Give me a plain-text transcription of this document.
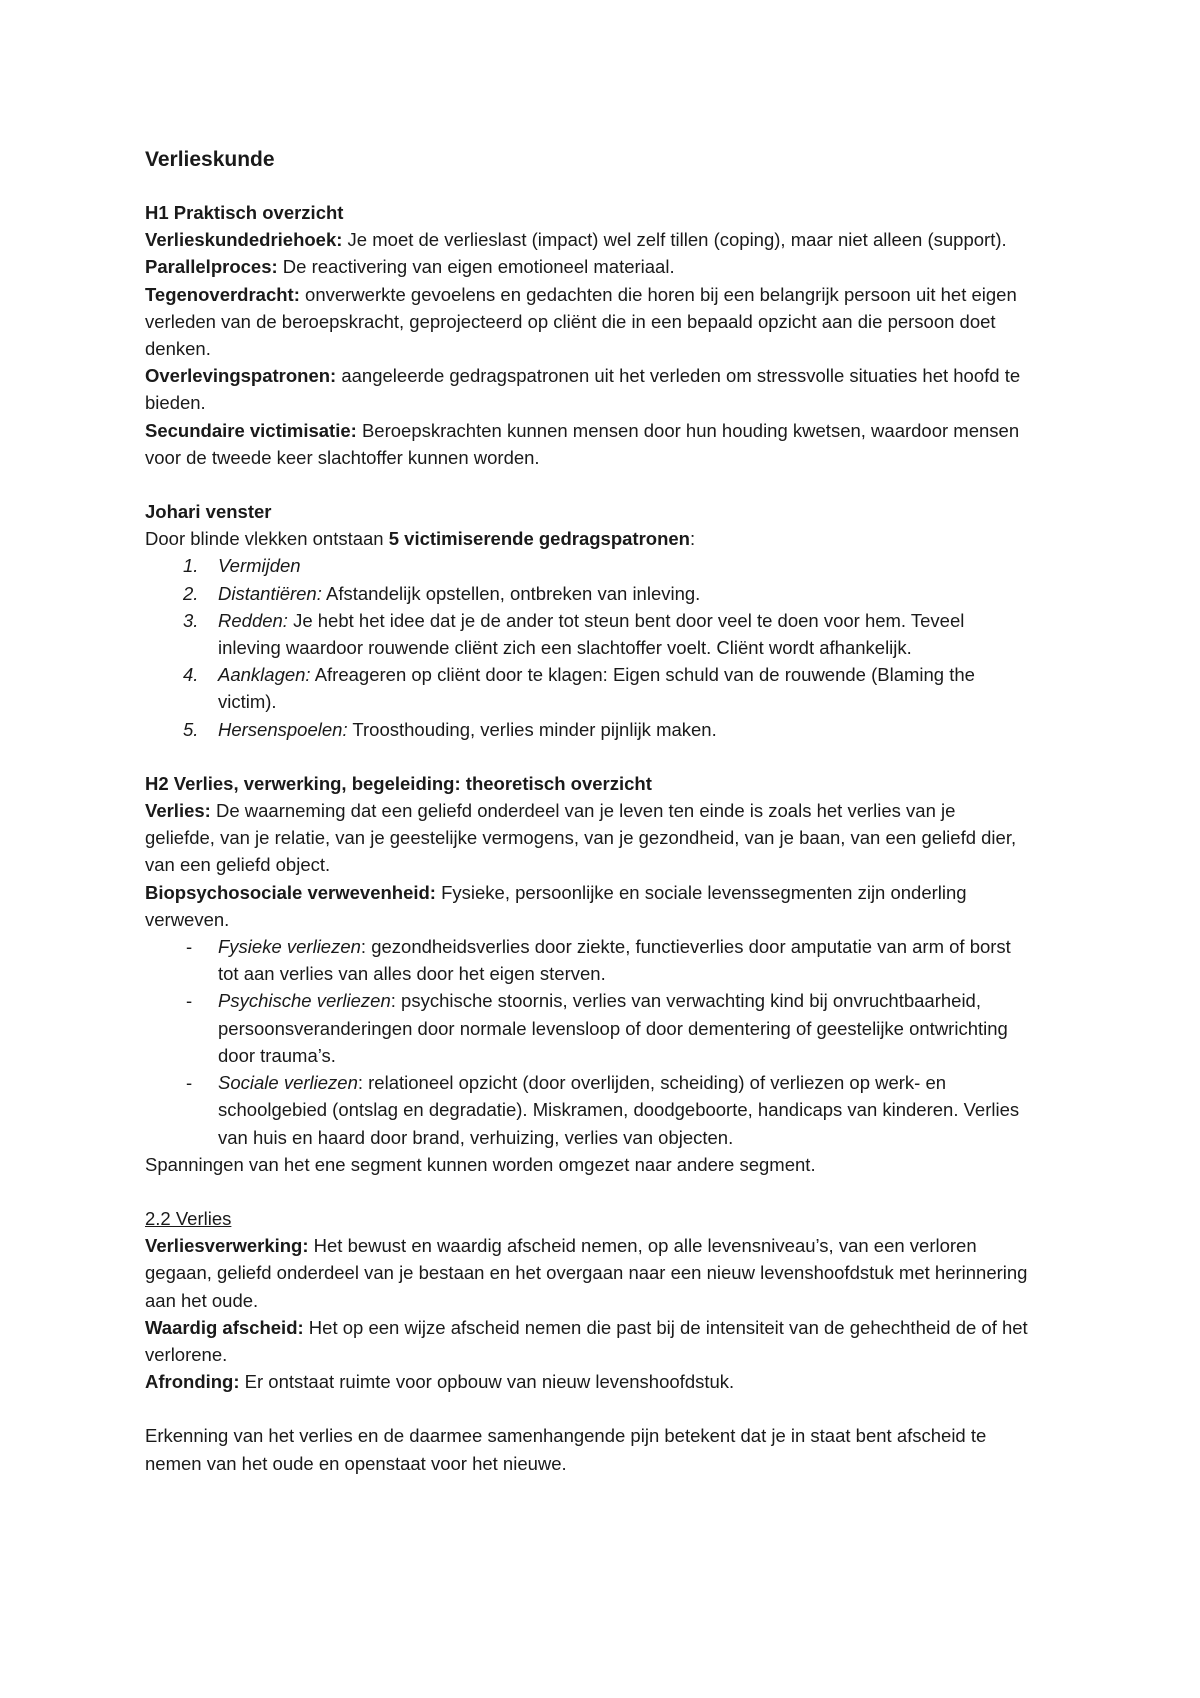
Verlieskunde
H1 Praktisch overzicht
Verlieskundedriehoek: Je moet de verlieslast (impact) wel zelf tillen (coping), maar niet alleen (support).
Parallelproces: De reactivering van eigen emotioneel materiaal.
Tegenoverdracht: onverwerkte gevoelens en gedachten die horen bij een belangrijk persoon uit het eigen verleden van de beroepskracht, geprojecteerd op cliënt die in een bepaald opzicht aan die persoon doet denken.
Overlevingspatronen: aangeleerde gedragspatronen uit het verleden om stressvolle situaties het hoofd te bieden.
Secundaire victimisatie: Beroepskrachten kunnen mensen door hun houding kwetsen, waardoor mensen voor de tweede keer slachtoffer kunnen worden.
Johari venster
Door blinde vlekken ontstaan 5 victimiserende gedragspatronen:
1. Vermijden
2. Distantiëren: Afstandelijk opstellen, ontbreken van inleving.
3. Redden: Je hebt het idee dat je de ander tot steun bent door veel te doen voor hem. Teveel inleving waardoor rouwende cliënt zich een slachtoffer voelt. Cliënt wordt afhankelijk.
4. Aanklagen: Afreageren op cliënt door te klagen: Eigen schuld van de rouwende (Blaming the victim).
5. Hersenspoelen: Troosthouding, verlies minder pijnlijk maken.
H2 Verlies, verwerking, begeleiding: theoretisch overzicht
Verlies: De waarneming dat een geliefd onderdeel van je leven ten einde is zoals het verlies van je geliefde, van je relatie, van je geestelijke vermogens, van je gezondheid, van je baan, van een geliefd dier, van een geliefd object.
Biopsychosociale verwevenheid: Fysieke, persoonlijke en sociale levenssegmenten zijn onderling verweven.
- Fysieke verliezen: gezondheidsverlies door ziekte, functieverlies door amputatie van arm of borst tot aan verlies van alles door het eigen sterven.
- Psychische verliezen: psychische stoornis, verlies van verwachting kind bij onvruchtbaarheid, persoonsveranderingen door normale levensloop of door dementering of geestelijke ontwrichting door trauma’s.
- Sociale verliezen: relationeel opzicht (door overlijden, scheiding) of verliezen op werk- en schoolgebied (ontslag en degradatie). Miskramen, doodgeboorte, handicaps van kinderen. Verlies van huis en haard door brand, verhuizing, verlies van objecten.
Spanningen van het ene segment kunnen worden omgezet naar andere segment.
2.2 Verlies
Verliesverwerking: Het bewust en waardig afscheid nemen, op alle levensniveau’s, van een verloren gegaan, geliefd onderdeel van je bestaan en het overgaan naar een nieuw levenshoofdstuk met herinnering aan het oude.
Waardig afscheid: Het op een wijze afscheid nemen die past bij de intensiteit van de gehechtheid de of het verlorene.
Afronding: Er ontstaat ruimte voor opbouw van nieuw levenshoofdstuk.
Erkenning van het verlies en de daarmee samenhangende pijn betekent dat je in staat bent afscheid te nemen van het oude en openstaat voor het nieuwe.
